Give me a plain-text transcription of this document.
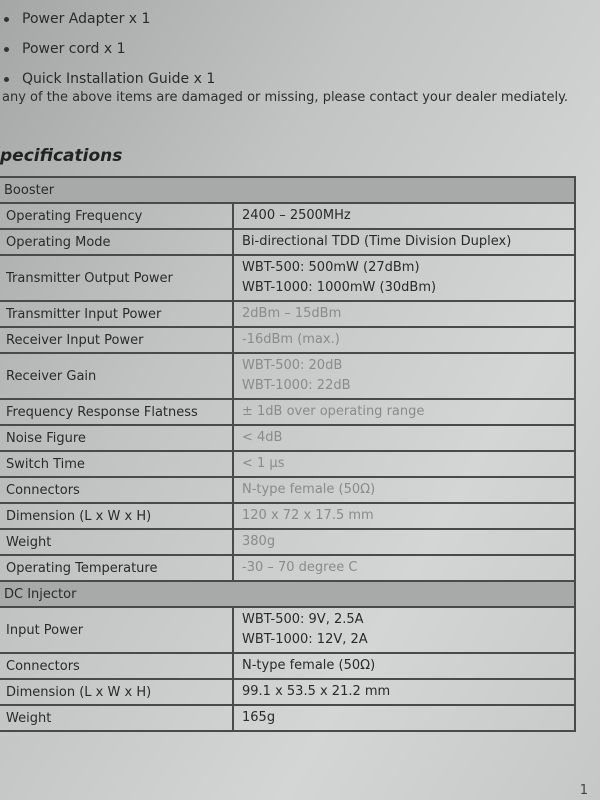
Power Adapter x 1
Power cord x 1
Quick Installation Guide x 1
any of the above items are damaged or missing, please contact your dealer mediately.
pecifications
Booster	
Operating Frequency	2400 – 2500MHz

Operating Mode	Bi-directional TDD (Time Division Duplex)

Transmitter Output Power	WBT-500: 500mW (27dBm)
WBT-1000: 1000mW (30dBm)

Transmitter Input Power	2dBm – 15dBm

Receiver Input Power	-16dBm (max.)

Receiver Gain	WBT-500: 20dB
WBT-1000: 22dB

Frequency Response Flatness	± 1dB over operating range

Noise Figure	< 4dB

Switch Time	< 1 µs

Connectors	N-type female (50Ω)

Dimension (L x W x H)	120 x 72 x 17.5 mm

Weight	380g

Operating Temperature	-30 – 70 degree C

DC Injector	
Input Power	WBT-500: 9V, 2.5A
WBT-1000: 12V, 2A

Connectors	N-type female (50Ω)

Dimension (L x W x H)	99.1 x 53.5 x 21.2 mm

Weight	165g
1
